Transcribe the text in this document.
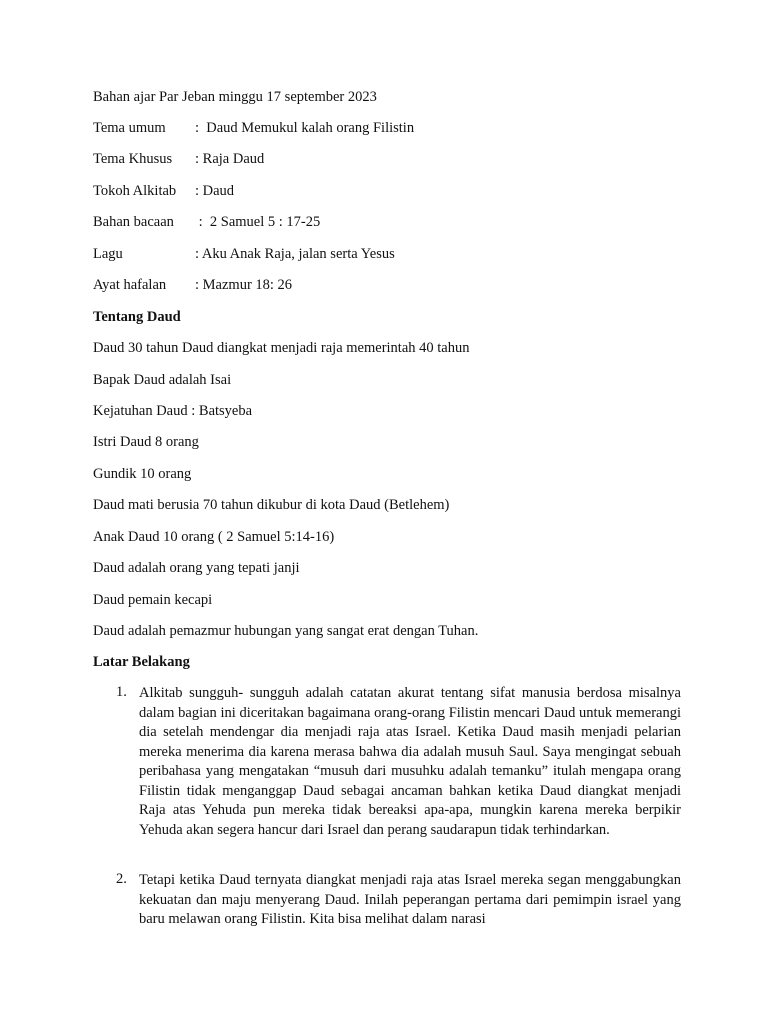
Bahan ajar Par Jeban minggu 17 september 2023
Tema umum :  Daud Memukul kalah orang Filistin
Tema Khusus : Raja Daud
Tokoh Alkitab : Daud
Bahan bacaan :  2 Samuel 5 : 17-25
Lagu	: Aku Anak Raja, jalan serta Yesus
Ayat hafalan : Mazmur 18: 26
Tentang Daud
Daud 30 tahun Daud diangkat menjadi raja memerintah 40 tahun
Bapak Daud adalah Isai
Kejatuhan Daud : Batsyeba
Istri Daud 8 orang
Gundik 10 orang
Daud mati berusia 70 tahun dikubur di kota Daud (Betlehem)
Anak Daud 10 orang ( 2 Samuel 5:14-16)
Daud adalah orang yang tepati janji
Daud pemain kecapi
Daud adalah pemazmur hubungan yang sangat erat dengan Tuhan.
Latar Belakang
1. Alkitab sungguh- sungguh adalah catatan akurat tentang sifat manusia berdosa misalnya dalam bagian ini diceritakan bagaimana orang-orang Filistin mencari Daud untuk memerangi dia setelah mendengar dia menjadi raja atas Israel. Ketika Daud masih menjadi pelarian mereka menerima dia karena merasa bahwa dia adalah musuh Saul. Saya mengingat sebuah peribahasa yang mengatakan “musuh dari musuhku adalah temanku” itulah mengapa orang Filistin tidak menganggap Daud sebagai ancaman bahkan ketika Daud diangkat menjadi Raja atas Yehuda pun mereka tidak bereaksi apa-apa, mungkin karena mereka berpikir Yehuda akan segera hancur dari Israel dan perang saudarapun tidak terhindarkan.
2. Tetapi ketika Daud ternyata diangkat menjadi raja atas Israel mereka segan menggabungkan kekuatan dan maju menyerang Daud. Inilah peperangan pertama dari pemimpin israel yang baru melawan orang Filistin. Kita bisa melihat dalam narasi
